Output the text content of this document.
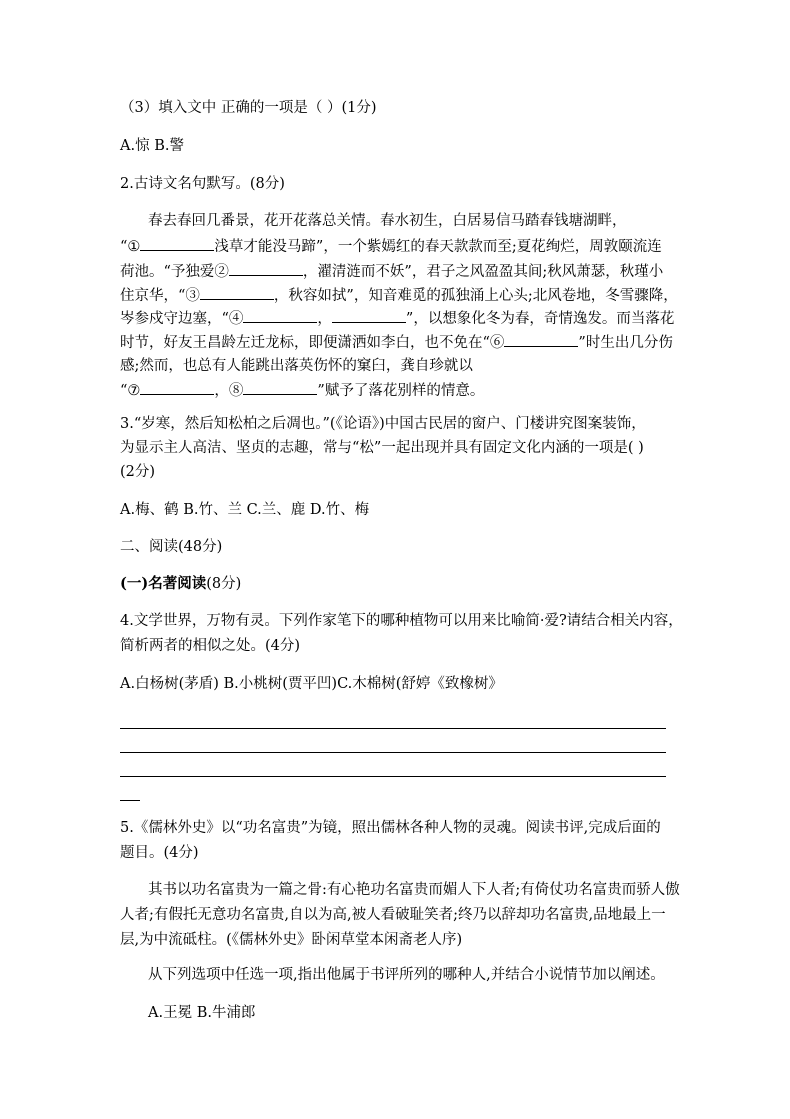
（3）填入文中 正确的一项是（ ）(1分)
A.惊 B.警
2.古诗文名句默写。(8分)
春去春回几番景，花开花落总关情。春水初生，白居易信马踏春钱塘湖畔，
“①	浅草才能没马蹄”，一个紫嫣红的春天款款而至;夏花绚烂，周敦颐流连
荷池。“予独爱②	，濯清涟而不妖”，君子之风盈盈其间;秋风萧瑟，秋瑾小
住京华，“③	，秋容如拭”，知音难觅的孤独涌上心头;北风卷地，冬雪骤降，
岑参戍守边塞，“④	，	”，以想象化冬为春，奇情逸发。而当落花
时节，好友王昌龄左迁龙标，即便潇洒如李白，也不免在“⑥	”时生出几分伤
感;然而，也总有人能跳出落英伤怀的窠臼，龚自珍就以
“⑦	，⑧	”赋予了落花别样的情意。
3.“岁寒，然后知松柏之后凋也。”(《论语》)中国古民居的窗户、门楼讲究图案装饰，
为显示主人高洁、坚贞的志趣，常与“松”一起出现并具有固定文化内涵的一项是( )
(2分)
A.梅、鹤 B.竹、兰 C.兰、鹿 D.竹、梅
二、阅读(48分)
(一)名著阅读(8分)
4.文学世界，万物有灵。下列作家笔下的哪种植物可以用来比喻简·爱?请结合相关内容，
简析两者的相似之处。(4分)
A.白杨树(茅盾) B.小桃树(贾平凹)C.木棉树(舒婷《致橡树》
5.《儒林外史》以“功名富贵”为镜，照出儒林各种人物的灵魂。阅读书评,完成后面的
题目。(4分)
其书以功名富贵为一篇之骨:有心艳功名富贵而媚人下人者;有倚仗功名富贵而骄人傲
人者;有假托无意功名富贵,自以为高,被人看破耻笑者;终乃以辞却功名富贵,品地最上一
层,为中流砥柱。(《儒林外史》卧闲草堂本闲斋老人序)
从下列选项中任选一项,指出他属于书评所列的哪种人,并结合小说情节加以阐述。
A.王冕 B.牛浦郎
